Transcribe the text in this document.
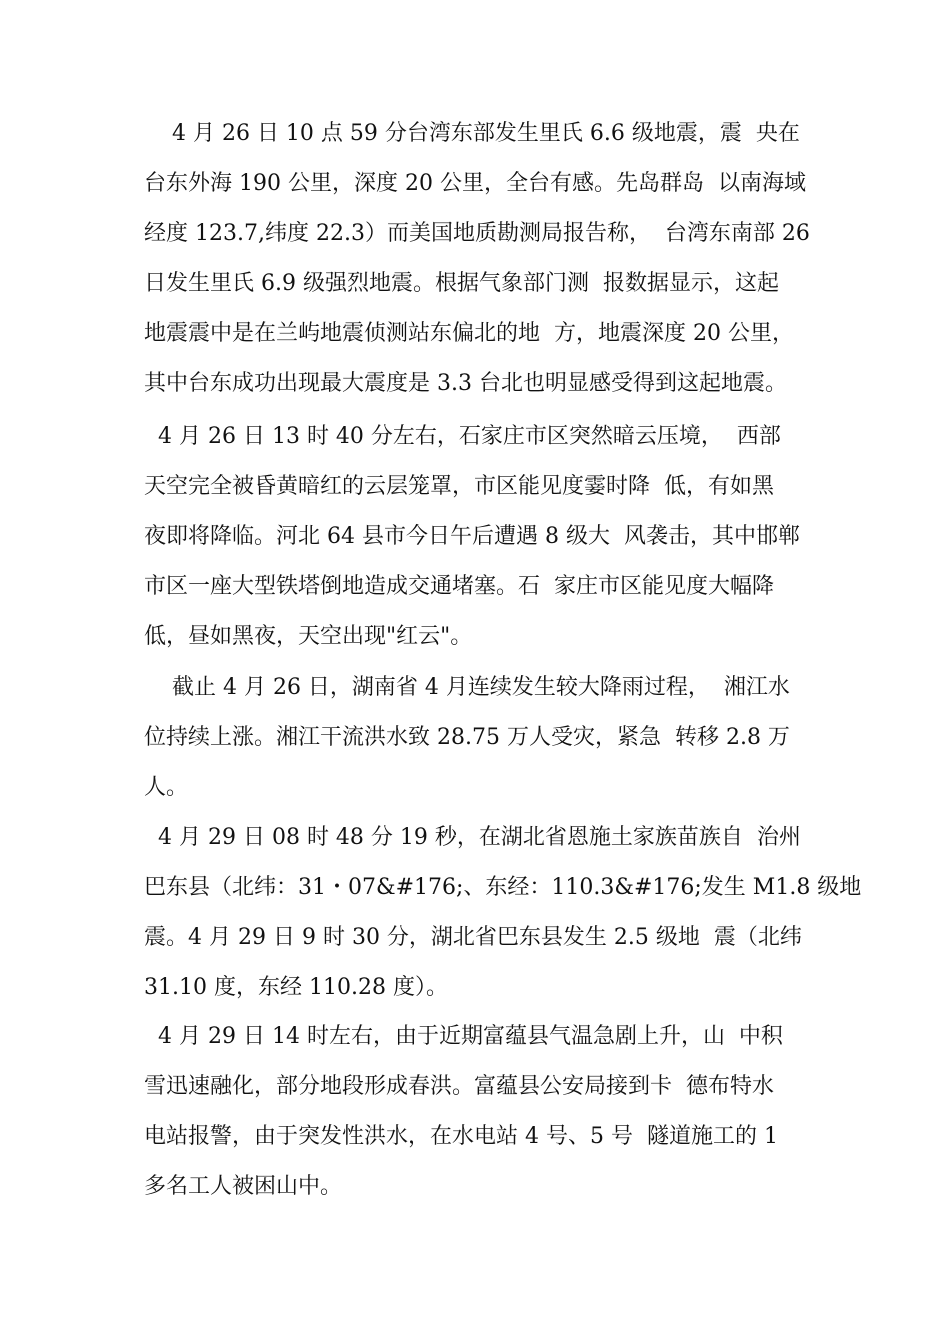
4 月 26 日 10 点 59 分台湾东部发生里氏 6.6 级地震，震  央在
台东外海 190 公里，深度 20 公里，全台有感。先岛群岛  以南海域
经度 123.7,纬度 22.3）而美国地质勘测局报告称，  台湾东南部 26
日发生里氏 6.9 级强烈地震。根据气象部门测  报数据显示，这起
地震震中是在兰屿地震侦测站东偏北的地  方，地震深度 20 公里，
其中台东成功出现最大震度是 3.3 台北也明显感受得到这起地震。
4 月 26 日 13 时 40 分左右，石家庄市区突然暗云压境，  西部
天空完全被昏黄暗红的云层笼罩，市区能见度霎时降  低，有如黑
夜即将降临。河北 64 县市今日午后遭遇 8 级大  风袭击，其中邯郸
市区一座大型铁塔倒地造成交通堵塞。石  家庄市区能见度大幅降
低，昼如黑夜，天空出现"红云"。
截止 4 月 26 日，湖南省 4 月连续发生较大降雨过程，  湘江水
位持续上涨。湘江干流洪水致 28.75 万人受灾，紧急  转移 2.8 万
人。
4 月 29 日 08 时 48 分 19 秒，在湖北省恩施土家族苗族自  治州
巴东县（北纬：31・07&#176;、东经：110.3&#176;发生 M1.8 级地
震。4 月 29 日 9 时 30 分，湖北省巴东县发生 2.5 级地  震（北纬
31.10 度，东经 110.28 度）。
4 月 29 日 14 时左右，由于近期富蕴县气温急剧上升，山  中积
雪迅速融化，部分地段形成春洪。富蕴县公安局接到卡  德布特水
电站报警，由于突发性洪水，在水电站 4 号、5 号  隧道施工的 1
多名工人被困山中。
